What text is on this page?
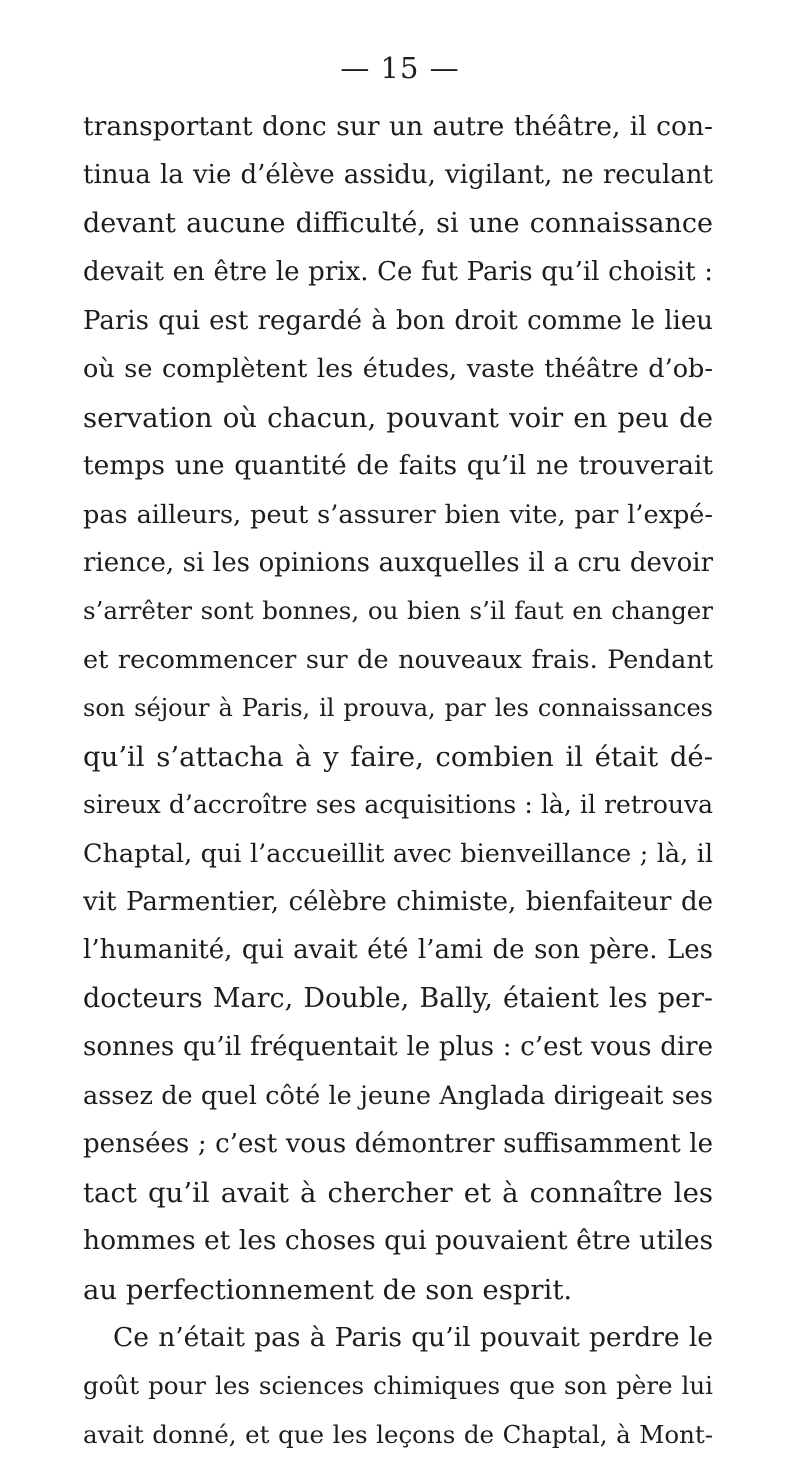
— 15 —
transportant donc sur un autre théâtre, il con-
tinua la vie d’élève assidu, vigilant, ne reculant
devant aucune difficulté, si une connaissance
devait en être le prix. Ce fut Paris qu’il choisit :
Paris qui est regardé à bon droit comme le lieu
où se complètent les études, vaste théâtre d’ob-
servation où chacun, pouvant voir en peu de
temps une quantité de faits qu’il ne trouverait
pas ailleurs, peut s’assurer bien vite, par l’expé-
rience, si les opinions auxquelles il a cru devoir
s’arrêter sont bonnes, ou bien s’il faut en changer
et recommencer sur de nouveaux frais. Pendant
son séjour à Paris, il prouva, par les connaissances
qu’il s’attacha à y faire, combien il était dé-
sireux d’accroître ses acquisitions : là, il retrouva
Chaptal, qui l’accueillit avec bienveillance ; là, il
vit Parmentier, célèbre chimiste, bienfaiteur de
l’humanité, qui avait été l’ami de son père. Les
docteurs Marc, Double, Bally, étaient les per-
sonnes qu’il fréquentait le plus : c’est vous dire
assez de quel côté le jeune Anglada dirigeait ses
pensées ; c’est vous démontrer suffisamment le
tact qu’il avait à chercher et à connaître les
hommes et les choses qui pouvaient être utiles
au perfectionnement de son esprit.
Ce n’était pas à Paris qu’il pouvait perdre le
goût pour les sciences chimiques que son père lui
avait donné, et que les leçons de Chaptal, à Mont-
